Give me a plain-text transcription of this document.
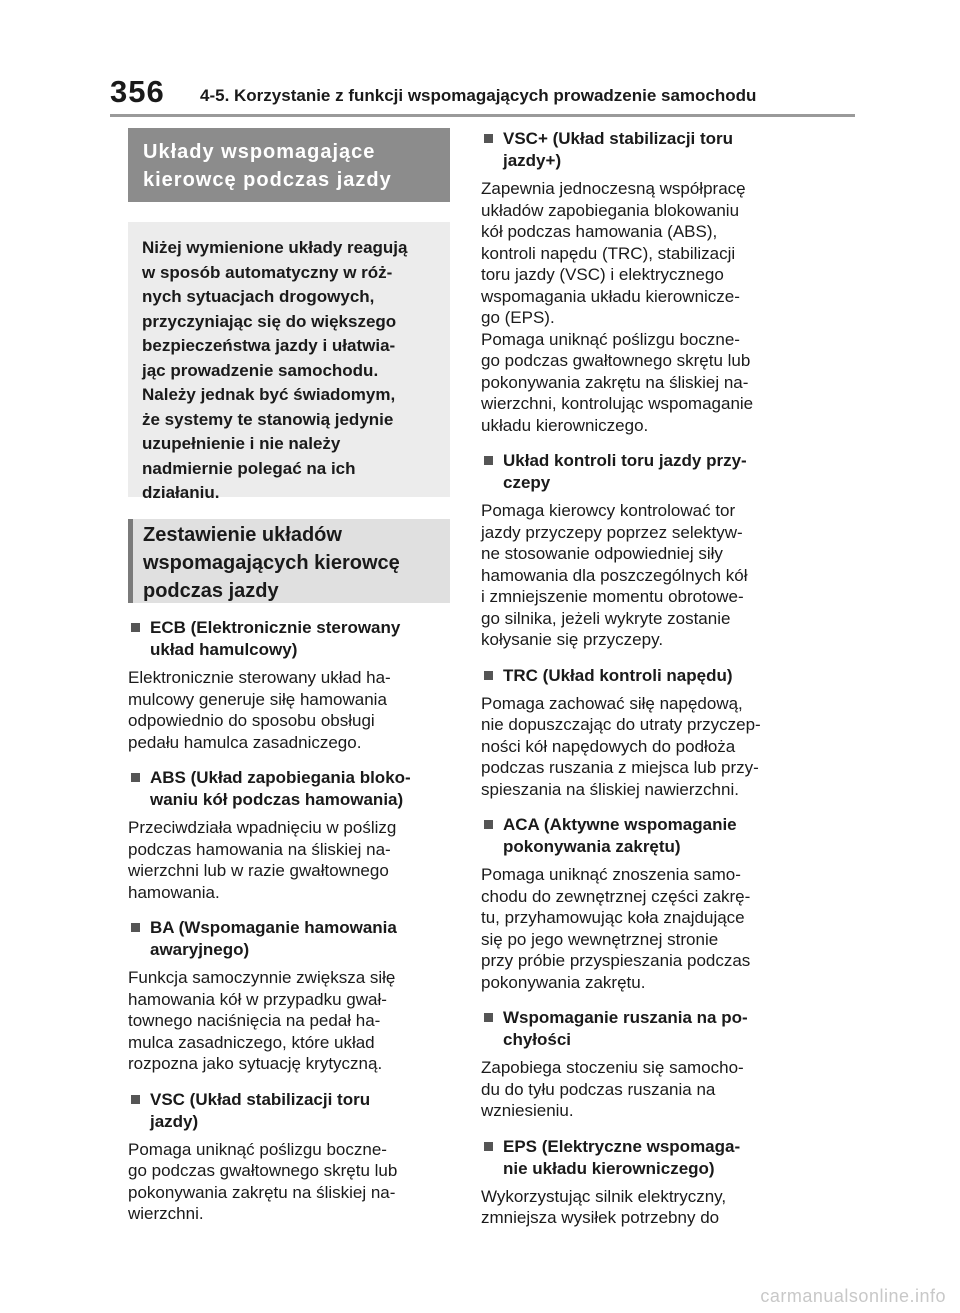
356 4-5. Korzystanie z funkcji wspomagających prowadzenie samochodu
Układy wspomagające
kierowcę podczas jazdy
Niżej wymienione układy reagują
w sposób automatyczny w róż-
nych sytuacjach drogowych,
przyczyniając się do większego
bezpieczeństwa jazdy i ułatwia-
jąc prowadzenie samochodu.
Należy jednak być świadomym,
że systemy te stanowią jedynie
uzupełnienie i nie należy
nadmiernie polegać na ich
działaniu.
Zestawienie układów
wspomagających kierowcę
podczas jazdy
ECB (Elektronicznie sterowany
układ hamulcowy)
Elektronicznie sterowany układ ha-
mulcowy generuje siłę hamowania
odpowiednio do sposobu obsługi
pedału hamulca zasadniczego.
ABS (Układ zapobiegania bloko-
waniu kół podczas hamowania)
Przeciwdziała wpadnięciu w poślizg
podczas hamowania na śliskiej na-
wierzchni lub w razie gwałtownego
hamowania.
BA (Wspomaganie hamowania
awaryjnego)
Funkcja samoczynnie zwiększa siłę
hamowania kół w przypadku gwał-
townego naciśnięcia na pedał ha-
mulca zasadniczego, które układ
rozpozna jako sytuację krytyczną.
VSC (Układ stabilizacji toru
jazdy)
Pomaga uniknąć poślizgu boczne-
go podczas gwałtownego skrętu lub
pokonywania zakrętu na śliskiej na-
wierzchni.
VSC+ (Układ stabilizacji toru
jazdy+)
Zapewnia jednoczesną współpracę
układów zapobiegania blokowaniu
kół podczas hamowania (ABS),
kontroli napędu (TRC), stabilizacji
toru jazdy (VSC) i elektrycznego
wspomagania układu kierownicze-
go (EPS).
Pomaga uniknąć poślizgu boczne-
go podczas gwałtownego skrętu lub
pokonywania zakrętu na śliskiej na-
wierzchni, kontrolując wspomaganie
układu kierowniczego.
Układ kontroli toru jazdy przy-
czepy
Pomaga kierowcy kontrolować tor
jazdy przyczepy poprzez selektyw-
ne stosowanie odpowiedniej siły
hamowania dla poszczególnych kół
i zmniejszenie momentu obrotowe-
go silnika, jeżeli wykryte zostanie
kołysanie się przyczepy.
TRC (Układ kontroli napędu)
Pomaga zachować siłę napędową,
nie dopuszczając do utraty przyczep-
ności kół napędowych do podłoża
podczas ruszania z miejsca lub przy-
spieszania na śliskiej nawierzchni.
ACA (Aktywne wspomaganie
pokonywania zakrętu)
Pomaga uniknąć znoszenia samo-
chodu do zewnętrznej części zakrę-
tu, przyhamowując koła znajdujące
się po jego wewnętrznej stronie
przy próbie przyspieszania podczas
pokonywania zakrętu.
Wspomaganie ruszania na po-
chyłości
Zapobiega stoczeniu się samocho-
du do tyłu podczas ruszania na
wzniesieniu.
EPS (Elektryczne wspomaga-
nie układu kierowniczego)
Wykorzystując silnik elektryczny,
zmniejsza wysiłek potrzebny do
carmanualsonline.info
